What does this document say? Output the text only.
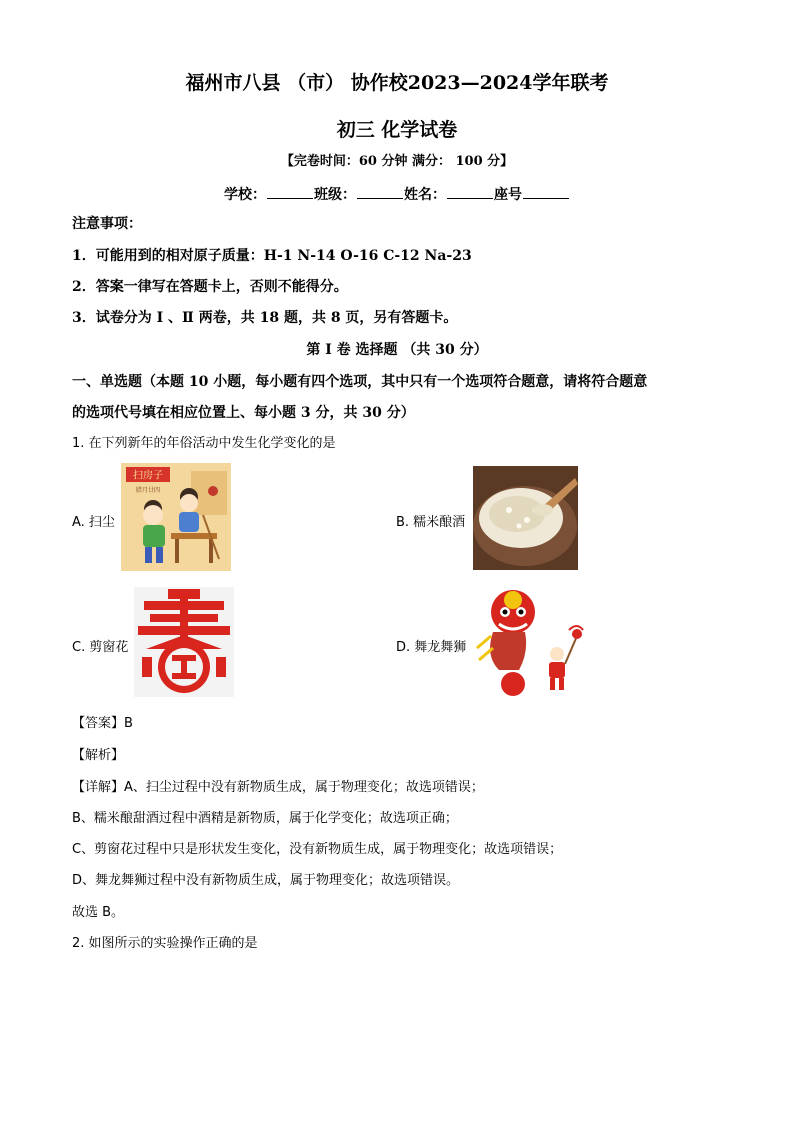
福州市八县 （市） 协作校2023—2024学年联考
初三 化学试卷
【完卷时间：60 分钟 满分： 100 分】
学校：	班级：	姓名：	座号
注意事项：
1．可能用到的相对原子质量：H-1 N-14 O-16 C-12 Na-23
2．答案一律写在答题卡上，否则不能得分。
3．试卷分为 Ⅰ 、Ⅱ 两卷，共 18 题，共 8 页，另有答题卡。
第 Ⅰ 卷 选择题 （共 30 分）
一、单选题（本题 10 小题，每小题有四个选项，其中只有一个选项符合题意，请将符合题意
的选项代号填在相应位置上、每小题 3 分，共 30 分）
1. 在下列新年的年俗活动中发生化学变化的是
A. 扫尘
扫房子
腊月廿四
B. 糯米酿酒
C. 剪窗花	D. 舞龙舞狮
【答案】B
【解析】
【详解】A、扫尘过程中没有新物质生成，属于物理变化；故选项错误；
B、糯米酿甜酒过程中酒精是新物质，属于化学变化；故选项正确；
C、剪窗花过程中只是形状发生变化，没有新物质生成，属于物理变化；故选项错误；
D、舞龙舞狮过程中没有新物质生成，属于物理变化；故选项错误。
故选 B。
2. 如图所示的实验操作正确的是
